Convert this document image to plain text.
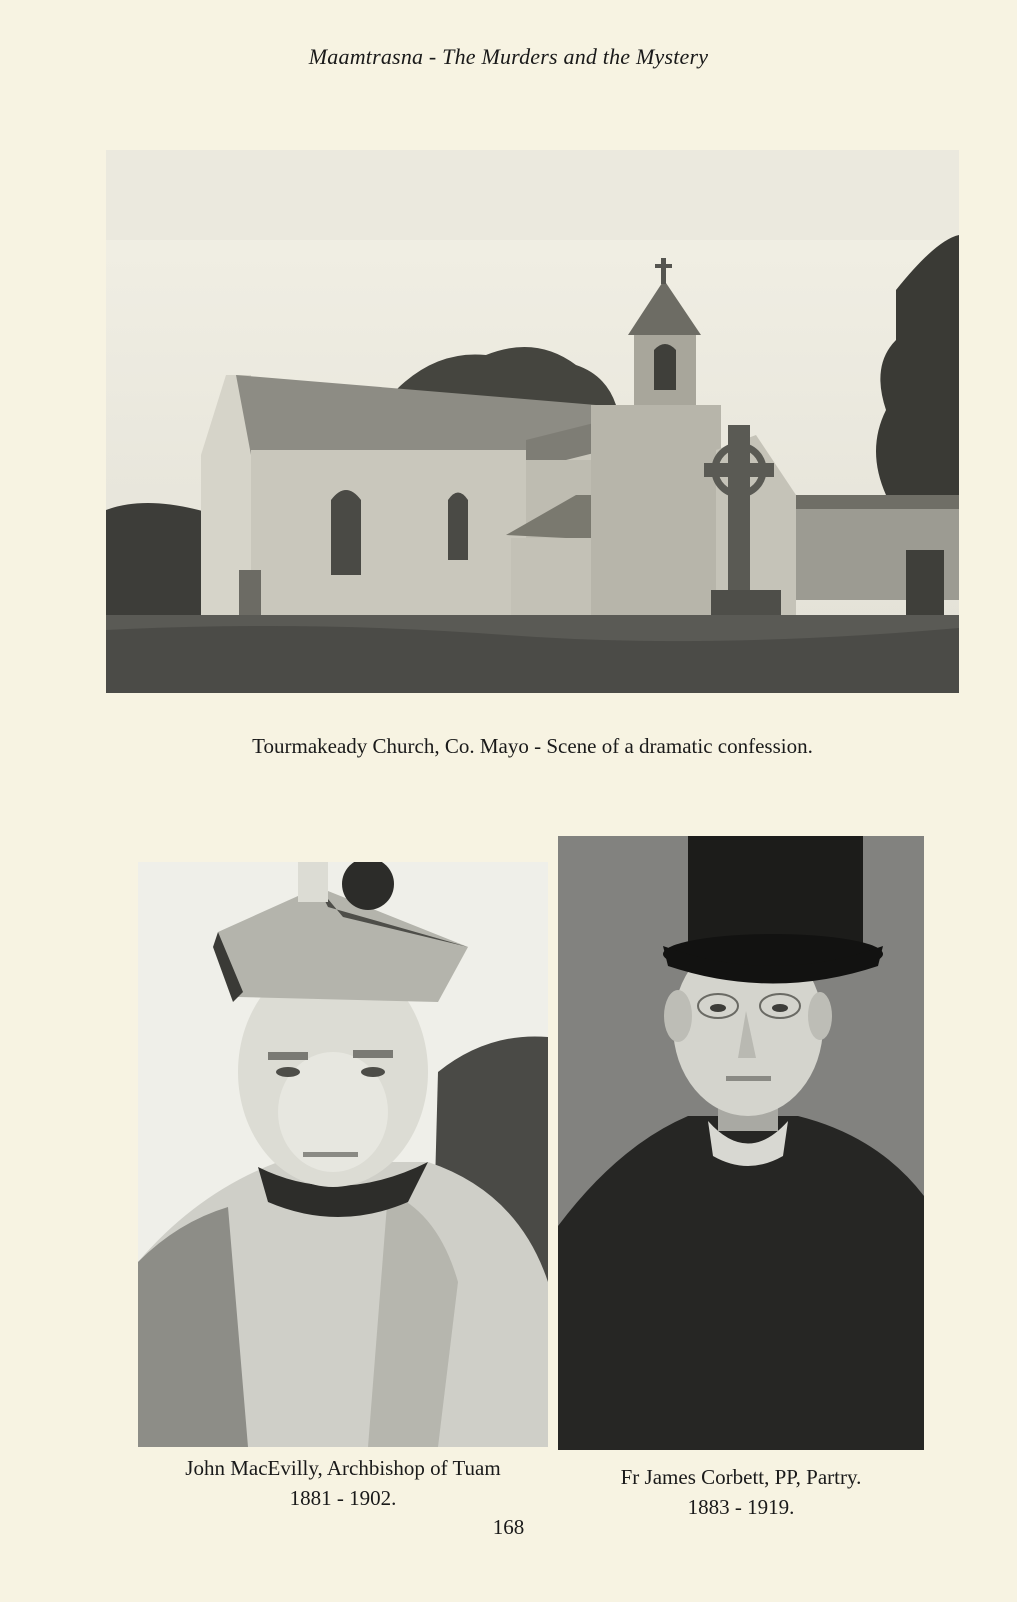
Maamtrasna - The Murders and the Mystery
Tourmakeady Church, Co. Mayo - Scene of a dramatic confession.
John MacEvilly, Archbishop of Tuam
1881 - 1902.
Fr James Corbett, PP, Partry.
1883 - 1919.
168
